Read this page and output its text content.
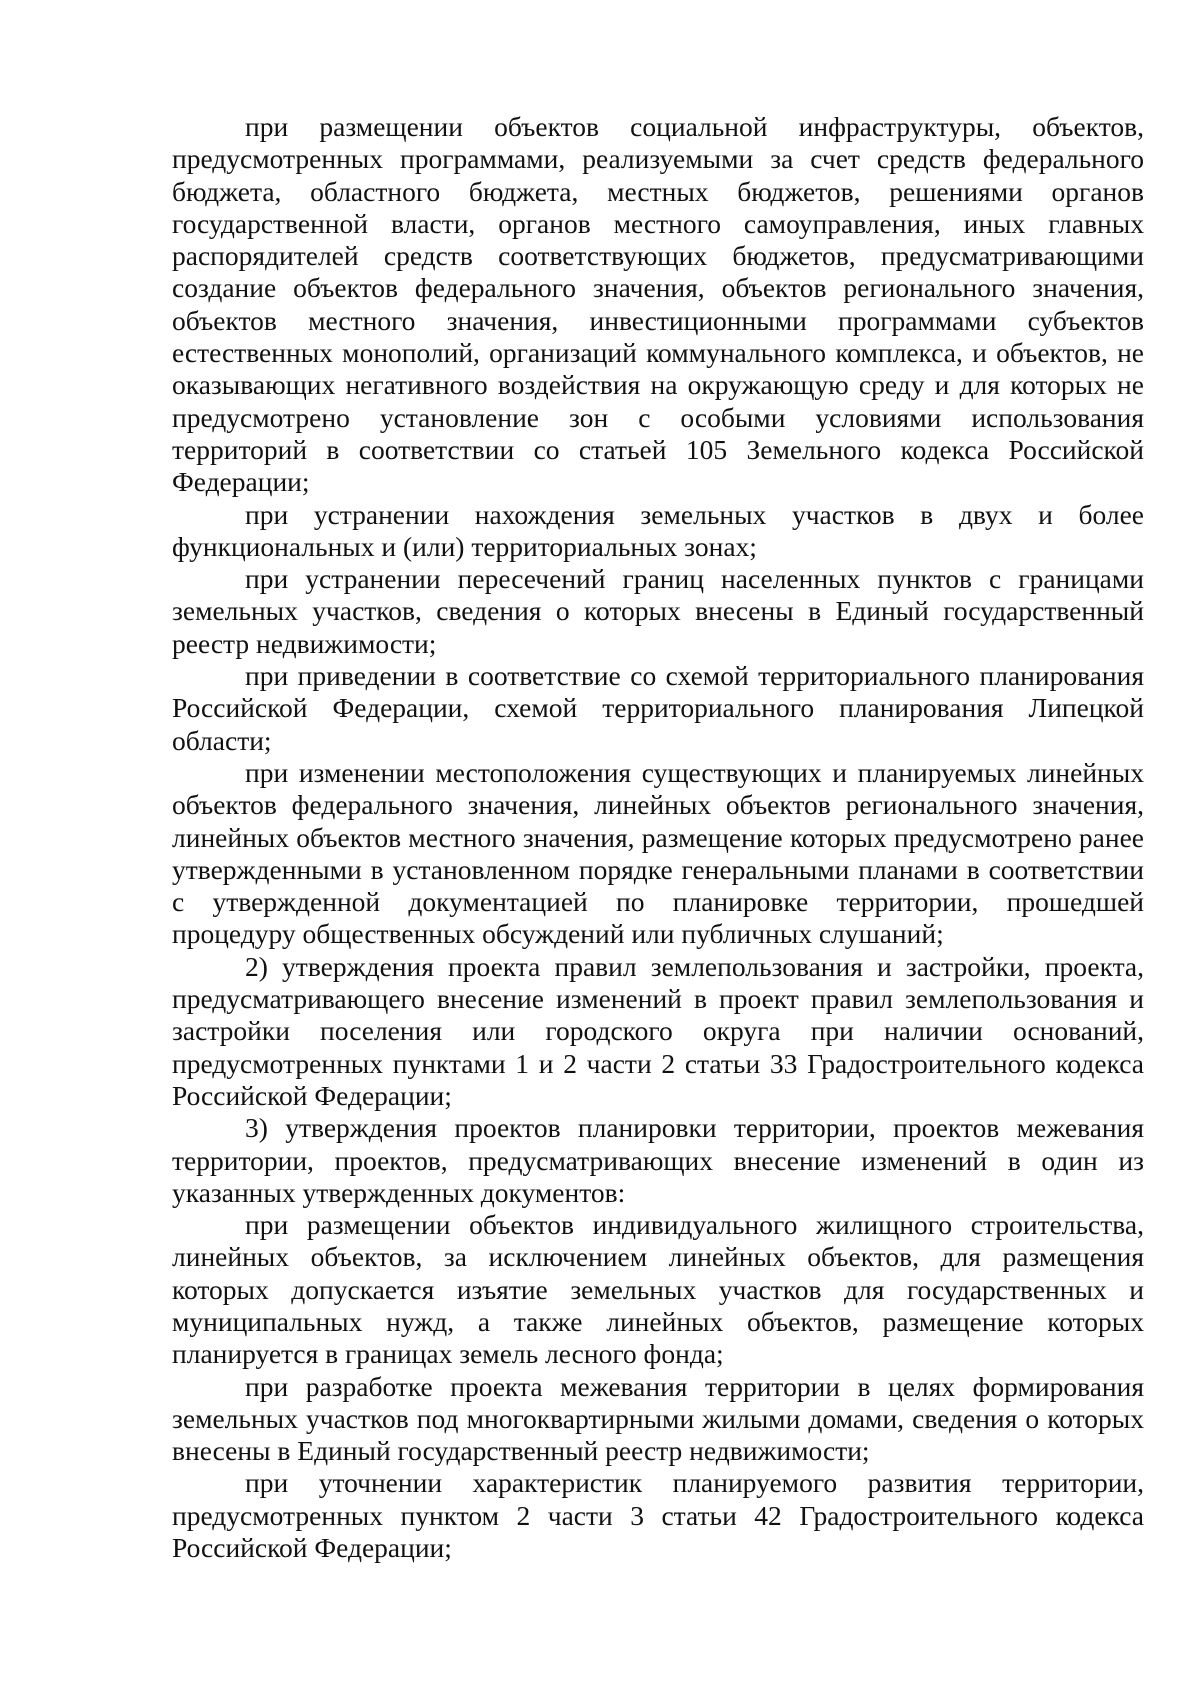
при размещении объектов социальной инфраструктуры, объектов, предусмотренных программами, реализуемыми за счет средств федерального бюджета, областного бюджета, местных бюджетов, решениями органов государственной власти, органов местного самоуправления, иных главных распорядителей средств соответствующих бюджетов, предусматривающими создание объектов федерального значения, объектов регионального значения, объектов местного значения, инвестиционными программами субъектов естественных монополий, организаций коммунального комплекса, и объектов, не оказывающих негативного воздействия на окружающую среду и для которых не предусмотрено установление зон с особыми условиями использования территорий в соответствии со статьей 105 Земельного кодекса Российской Федерации;

при устранении нахождения земельных участков в двух и более функциональных и (или) территориальных зонах;

при устранении пересечений границ населенных пунктов с границами земельных участков, сведения о которых внесены в Единый государственный реестр недвижимости;

при приведении в соответствие со схемой территориального планирования Российской Федерации, схемой территориального планирования Липецкой области;

при изменении местоположения существующих и планируемых линейных объектов федерального значения, линейных объектов регионального значения, линейных объектов местного значения, размещение которых предусмотрено ранее утвержденными в установленном порядке генеральными планами в соответствии с утвержденной документацией по планировке территории, прошедшей процедуру общественных обсуждений или публичных слушаний;

2) утверждения проекта правил землепользования и застройки, проекта, предусматривающего внесение изменений в проект правил землепользования и застройки поселения или городского округа при наличии оснований, предусмотренных пунктами 1 и 2 части 2 статьи 33 Градостроительного кодекса Российской Федерации;

3) утверждения проектов планировки территории, проектов межевания территории, проектов, предусматривающих внесение изменений в один из указанных утвержденных документов:

при размещении объектов индивидуального жилищного строительства, линейных объектов, за исключением линейных объектов, для размещения которых допускается изъятие земельных участков для государственных и муниципальных нужд, а также линейных объектов, размещение которых планируется в границах земель лесного фонда;

при разработке проекта межевания территории в целях формирования земельных участков под многоквартирными жилыми домами, сведения о которых внесены в Единый государственный реестр недвижимости;

при уточнении характеристик планируемого развития территории, предусмотренных пунктом 2 части 3 статьи 42 Градостроительного кодекса Российской Федерации;
